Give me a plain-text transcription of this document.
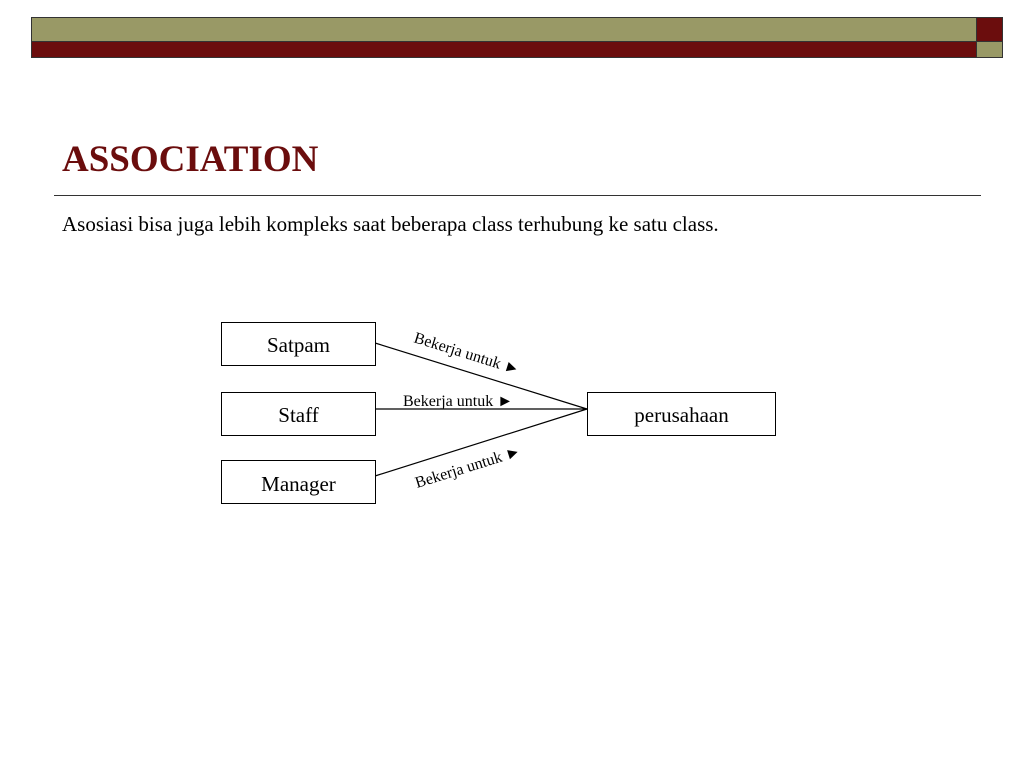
ASSOCIATION

Asosiasi bisa juga lebih kompleks saat beberapa class terhubung ke satu class.

Satpam
Staff
Manager
perusahaan
Bekerja untuk ►
Bekerja untuk ►
Bekerja untuk ►
